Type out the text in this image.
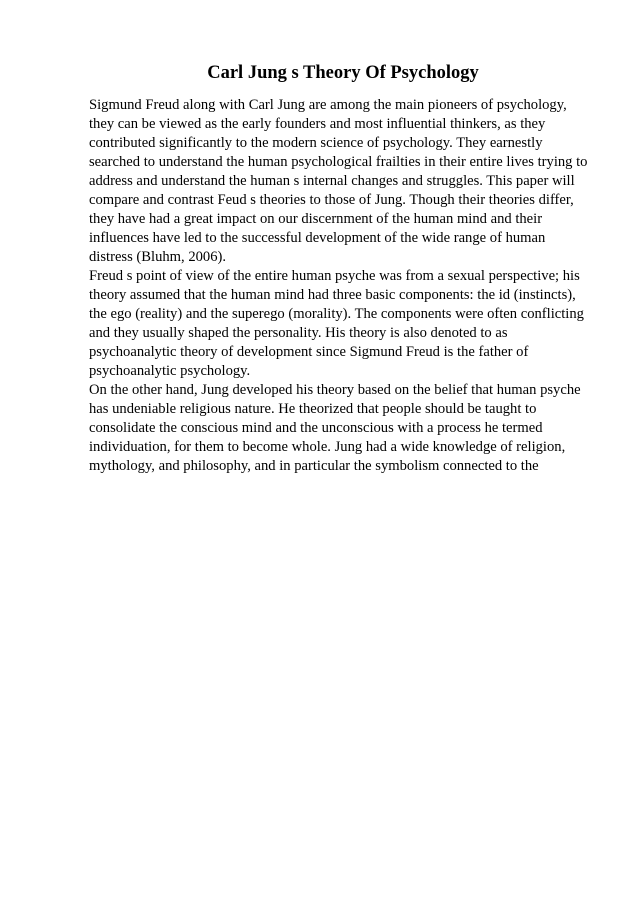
Carl Jung s Theory Of Psychology
Sigmund Freud along with Carl Jung are among the main pioneers of psychology,
they can be viewed as the early founders and most influential thinkers, as they
contributed significantly to the modern science of psychology. They earnestly
searched to understand the human psychological frailties in their entire lives trying to
address and understand the human s internal changes and struggles. This paper will
compare and contrast Feud s theories to those of Jung. Though their theories differ,
they have had a great impact on our discernment of the human mind and their
influences have led to the successful development of the wide range of human
distress (Bluhm, 2006).
Freud s point of view of the entire human psyche was from a sexual perspective; his
theory assumed that the human mind had three basic components: the id (instincts),
the ego (reality) and the superego (morality). The components were often conflicting
and they usually shaped the personality. His theory is also denoted to as
psychoanalytic theory of development since Sigmund Freud is the father of
psychoanalytic psychology.
On the other hand, Jung developed his theory based on the belief that human psyche
has undeniable religious nature. He theorized that people should be taught to
consolidate the conscious mind and the unconscious with a process he termed
individuation, for them to become whole. Jung had a wide knowledge of religion,
mythology, and philosophy, and in particular the symbolism connected to the
